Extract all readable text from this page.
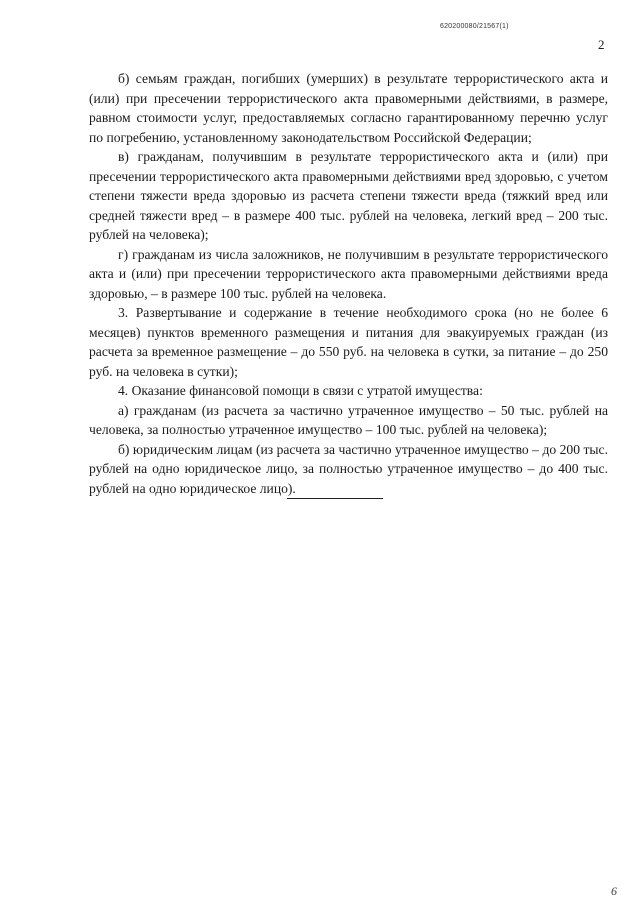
620200080/21567(1)
2

б) семьям граждан, погибших (умерших) в результате террористического акта и (или) при пресечении террористического акта правомерными действиями, в размере, равном стоимости услуг, предоставляемых согласно гарантированному перечню услуг по погребению, установленному законодательством Российской Федерации;

в) гражданам, получившим в результате террористического акта и (или) при пресечении террористического акта правомерными действиями вред здоровью, с учетом степени тяжести вреда здоровью из расчета степени тяжести вреда (тяжкий вред или средней тяжести вред – в размере 400 тыс. рублей на человека, легкий вред – 200 тыс. рублей на человека);

г) гражданам из числа заложников, не получившим в результате террористического акта и (или) при пресечении террористического акта правомерными действиями вреда здоровью, – в размере 100 тыс. рублей на человека.

3. Развертывание и содержание в течение необходимого срока (но не более 6 месяцев) пунктов временного размещения и питания для эвакуируемых граждан (из расчета за временное размещение – до 550 руб. на человека в сутки, за питание – до 250 руб. на человека в сутки);

4. Оказание финансовой помощи в связи с утратой имущества:

а) гражданам (из расчета за частично утраченное имущество – 50 тыс. рублей на человека, за полностью утраченное имущество – 100 тыс. рублей на человека);

б) юридическим лицам (из расчета за частично утраченное имущество – до 200 тыс. рублей на одно юридическое лицо, за полностью утраченное имущество – до 400 тыс. рублей на одно юридическое лицо).

6
